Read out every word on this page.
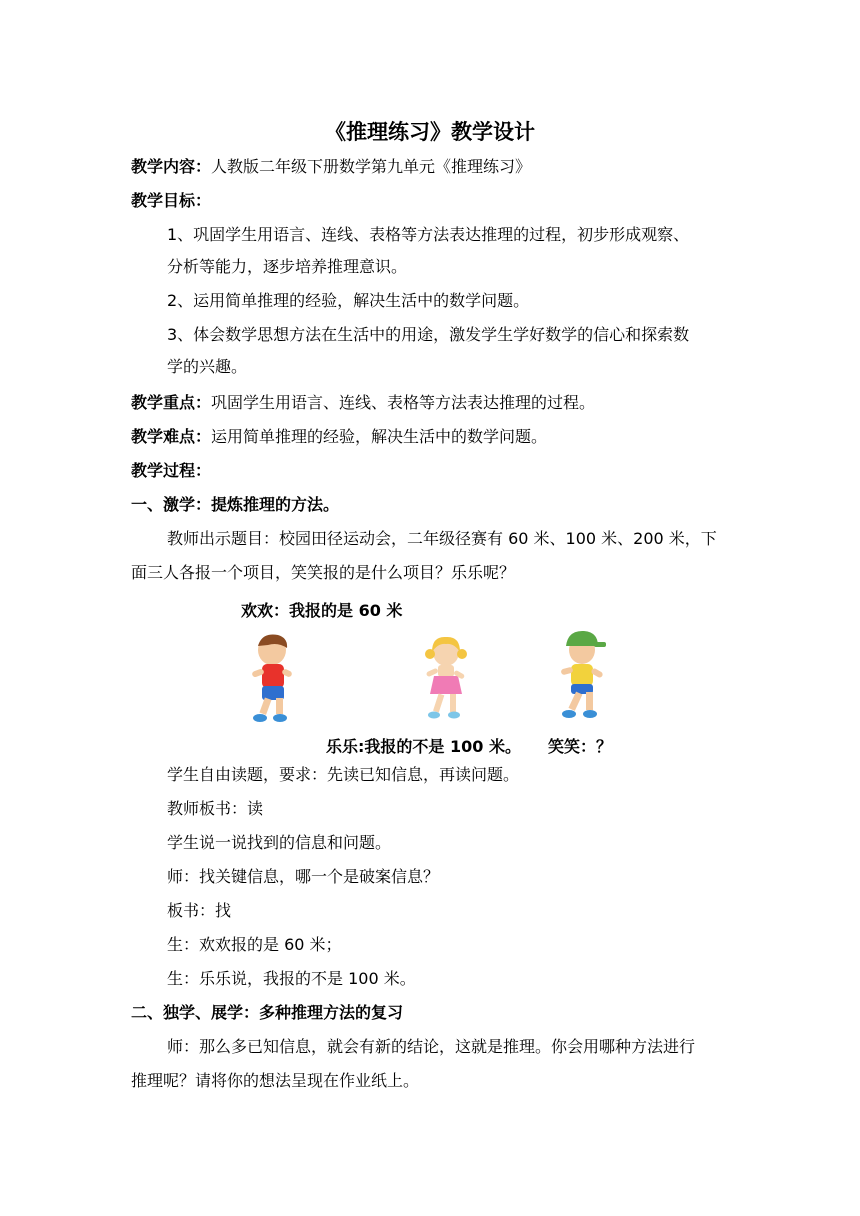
《推理练习》教学设计
教学内容：人教版二年级下册数学第九单元《推理练习》
教学目标：
1、巩固学生用语言、连线、表格等方法表达推理的过程，初步形成观察、
分析等能力，逐步培养推理意识。
2、运用简单推理的经验，解决生活中的数学问题。
3、体会数学思想方法在生活中的用途，激发学生学好数学的信心和探索数
学的兴趣。
教学重点：巩固学生用语言、连线、表格等方法表达推理的过程。
教学难点：运用简单推理的经验，解决生活中的数学问题。
教学过程：
一、激学：提炼推理的方法。
教师出示题目：校园田径运动会，二年级径赛有 60 米、100 米、200 米，下
面三人各报一个项目，笑笑报的是什么项目？乐乐呢？
欢欢：我报的是 60 米
乐乐:我报的不是 100 米。 笑笑：？
学生自由读题，要求：先读已知信息，再读问题。
教师板书：读
学生说一说找到的信息和问题。
师：找关键信息，哪一个是破案信息？
板书：找
生：欢欢报的是 60 米；
生：乐乐说，我报的不是 100 米。
二、独学、展学：多种推理方法的复习
师：那么多已知信息，就会有新的结论，这就是推理。你会用哪种方法进行
推理呢？请将你的想法呈现在作业纸上。
